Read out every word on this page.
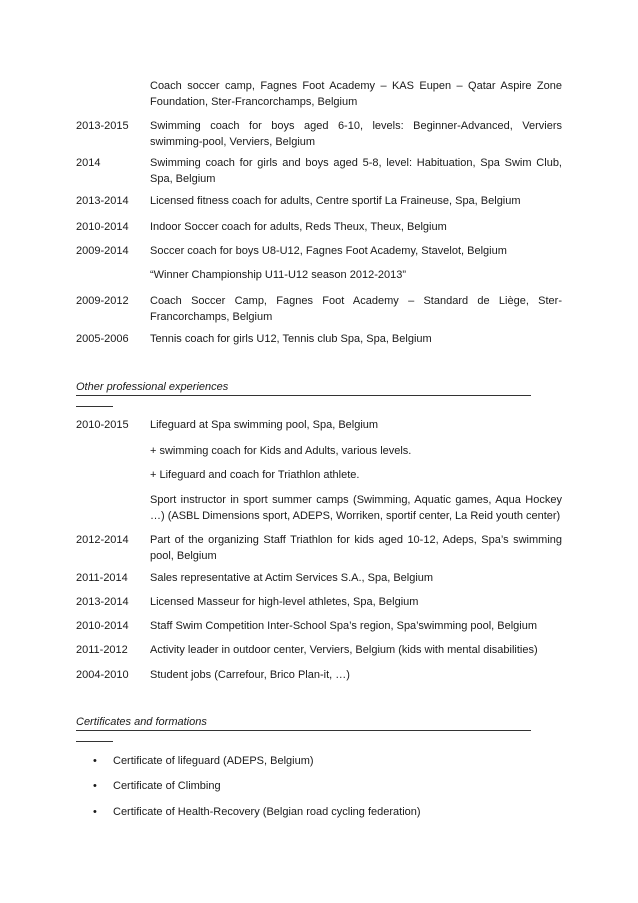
Coach soccer camp, Fagnes Foot Academy – KAS Eupen – Qatar Aspire Zone Foundation, Ster-Francorchamps, Belgium
2013-2015	Swimming coach for boys aged 6-10, levels: Beginner-Advanced, Verviers swimming-pool, Verviers, Belgium
2014	Swimming coach for girls and boys aged 5-8, level: Habituation, Spa Swim Club, Spa, Belgium
2013-2014	Licensed fitness coach for adults, Centre sportif La Fraineuse, Spa, Belgium
2010-2014	Indoor Soccer coach for adults, Reds Theux, Theux, Belgium
2009-2014	Soccer coach for boys U8-U12, Fagnes Foot Academy, Stavelot, Belgium
“Winner Championship U11-U12 season 2012-2013”
2009-2012	Coach Soccer Camp, Fagnes Foot Academy – Standard de Liège, Ster-Francorchamps, Belgium
2005-2006	Tennis coach for girls U12, Tennis club Spa, Spa, Belgium
Other professional experiences
2010-2015	Lifeguard at Spa swimming pool, Spa, Belgium
+ swimming coach for Kids and Adults, various levels.
+ Lifeguard and coach for Triathlon athlete.
Sport instructor in sport summer camps (Swimming, Aquatic games, Aqua Hockey …) (ASBL Dimensions sport, ADEPS, Worriken, sportif center, La Reid youth center)
2012-2014	Part of the organizing Staff Triathlon for kids aged 10-12, Adeps, Spa’s swimming pool, Belgium
2011-2014	Sales representative at Actim Services S.A., Spa, Belgium
2013-2014	Licensed Masseur for high-level athletes, Spa, Belgium
2010-2014	Staff Swim Competition Inter-School Spa’s region, Spa’swimming pool, Belgium
2011-2012	Activity leader in outdoor center, Verviers, Belgium (kids with mental disabilities)
2004-2010	Student jobs (Carrefour, Brico Plan-it, …)
Certificates and formations
• Certificate of lifeguard (ADEPS, Belgium)
• Certificate of Climbing
• Certificate of Health-Recovery (Belgian road cycling federation)
